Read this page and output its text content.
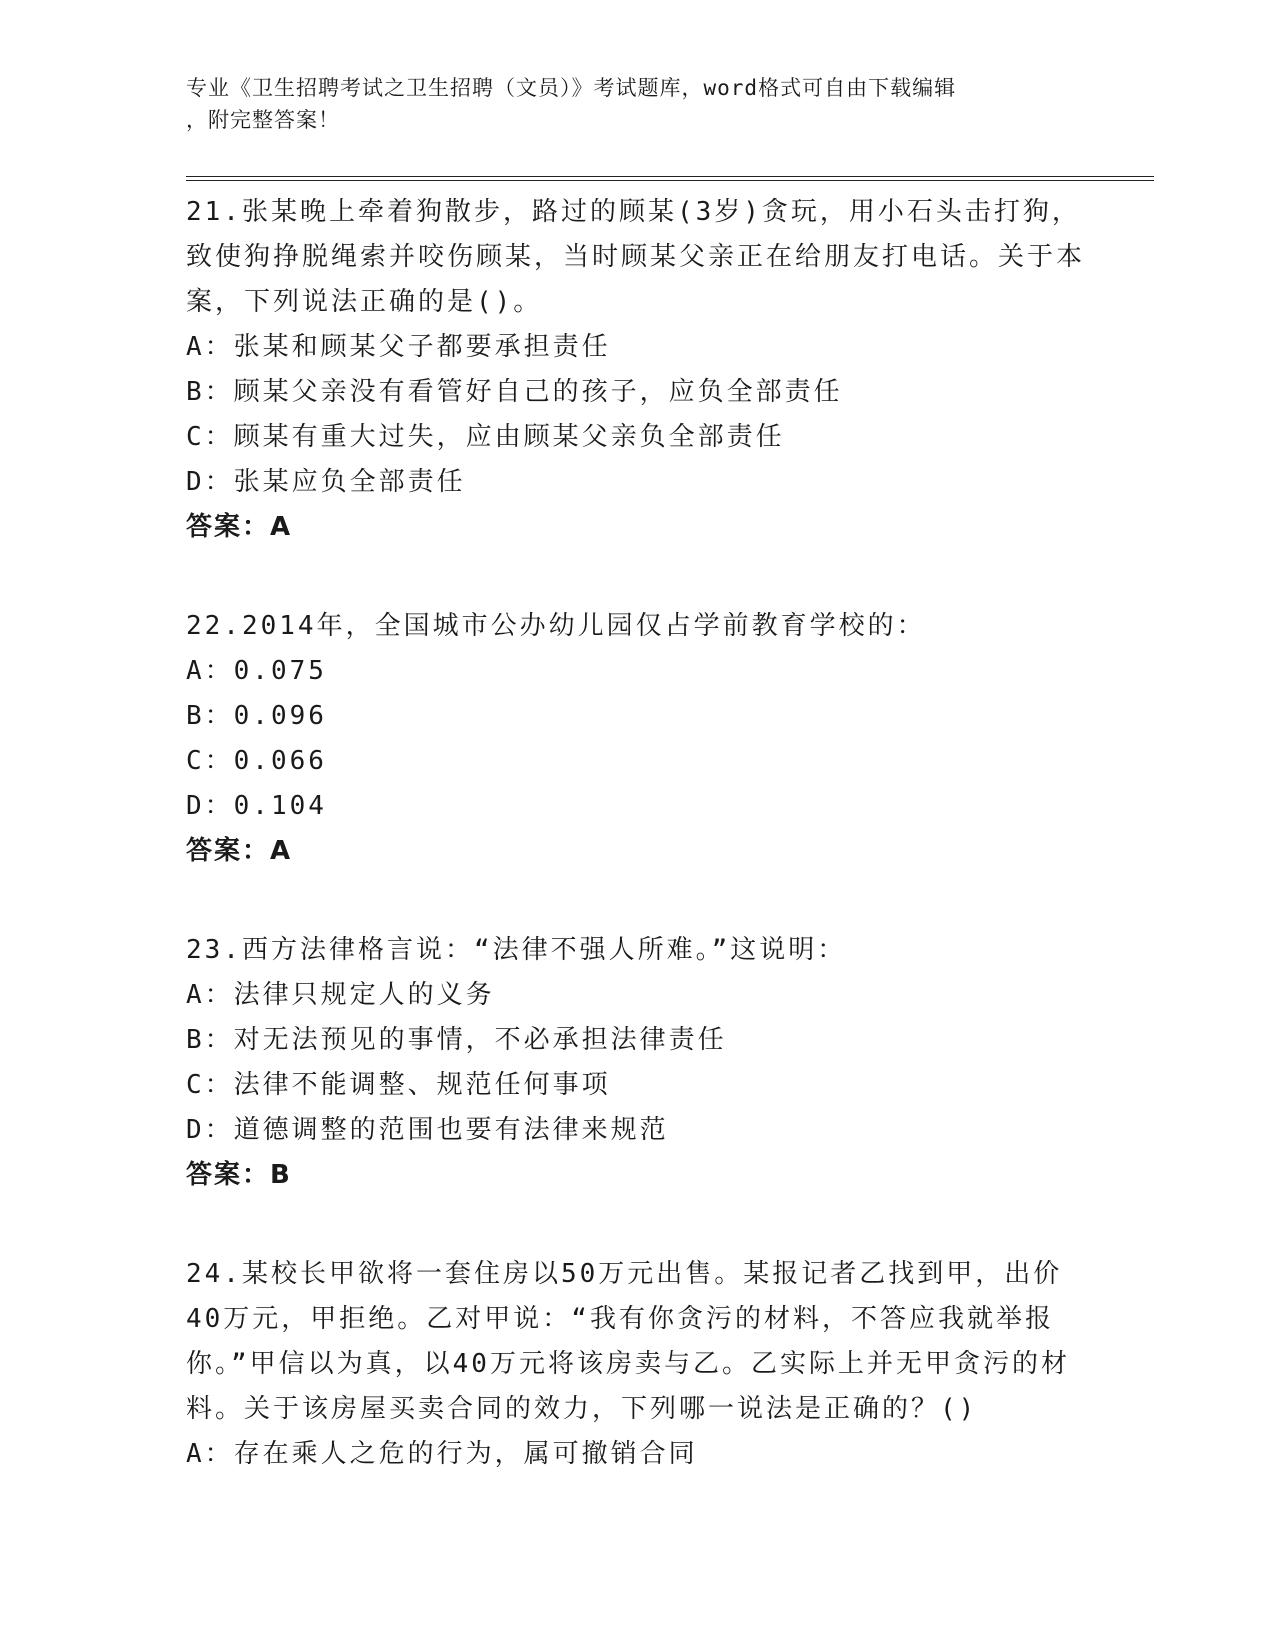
专业《卫生招聘考试之卫生招聘（文员）》考试题库，word格式可自由下载编辑
，附完整答案！
21.张某晚上牵着狗散步，路过的顾某(3岁)贪玩，用小石头击打狗，致使狗挣脱绳索并咬伤顾某，当时顾某父亲正在给朋友打电话。关于本案，下列说法正确的是()。
A：张某和顾某父子都要承担责任
B：顾某父亲没有看管好自己的孩子，应负全部责任
C：顾某有重大过失，应由顾某父亲负全部责任
D：张某应负全部责任
答案：A
22.2014年，全国城市公办幼儿园仅占学前教育学校的：
A：0.075
B：0.096
C：0.066
D：0.104
答案：A
23.西方法律格言说：“法律不强人所难。”这说明：
A：法律只规定人的义务
B：对无法预见的事情，不必承担法律责任
C：法律不能调整、规范任何事项
D：道德调整的范围也要有法律来规范
答案：B
24.某校长甲欲将一套住房以50万元出售。某报记者乙找到甲，出价40万元，甲拒绝。乙对甲说：“我有你贪污的材料，不答应我就举报你。”甲信以为真，以40万元将该房卖与乙。乙实际上并无甲贪污的材料。关于该房屋买卖合同的效力，下列哪一说法是正确的？()
A：存在乘人之危的行为，属可撤销合同
